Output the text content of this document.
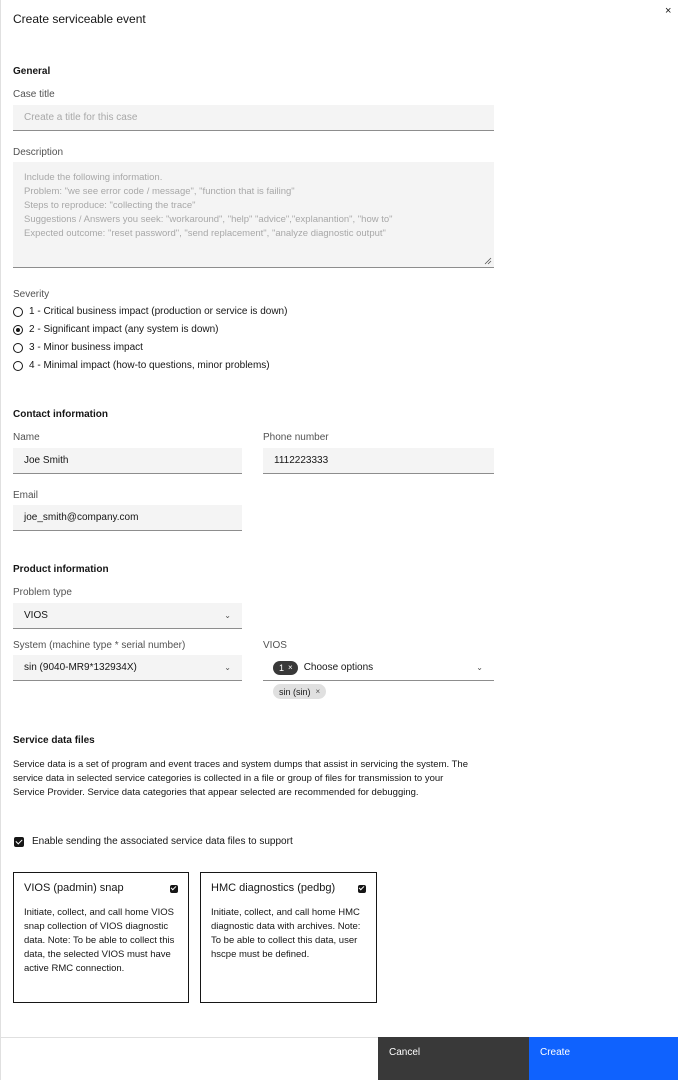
Create serviceable event
×
General
Case title
Create a title for this case
Description
Include the following information.
Problem: "we see error code / message", "function that is failing"
Steps to reproduce: "collecting the trace"
Suggestions / Answers you seek: "workaround", "help" "advice","explanantion", "how to"
Expected outcome: "reset password", "send replacement", "analyze diagnostic output"
Severity
1 - Critical business impact (production or service is down)
2 - Significant impact (any system is down)
3 - Minor business impact
4 - Minimal impact (how-to questions, minor problems)
Contact information
Name
Joe Smith
Phone number
1112223333
Email
joe_smith@company.com
Product information
Problem type
VIOS	⌄
System (machine type * serial number)
sin (9040-MR9*132934X)	⌄
VIOS
1 × Choose options	⌄
sin (sin) ×
Service data files
Service data is a set of program and event traces and system dumps that assist in servicing the system. The service data in selected service categories is collected in a file or group of files for transmission to your Service Provider. Service data categories that appear selected are recommended for debugging.
Enable sending the associated service data files to support
VIOS (padmin) snap
Initiate, collect, and call home VIOS snap collection of VIOS diagnostic data. Note: To be able to collect this data, the selected VIOS must have active RMC connection.
HMC diagnostics (pedbg)
Initiate, collect, and call home HMC diagnostic data with archives. Note: To be able to collect this data, user hscpe must be defined.
Cancel	Create
